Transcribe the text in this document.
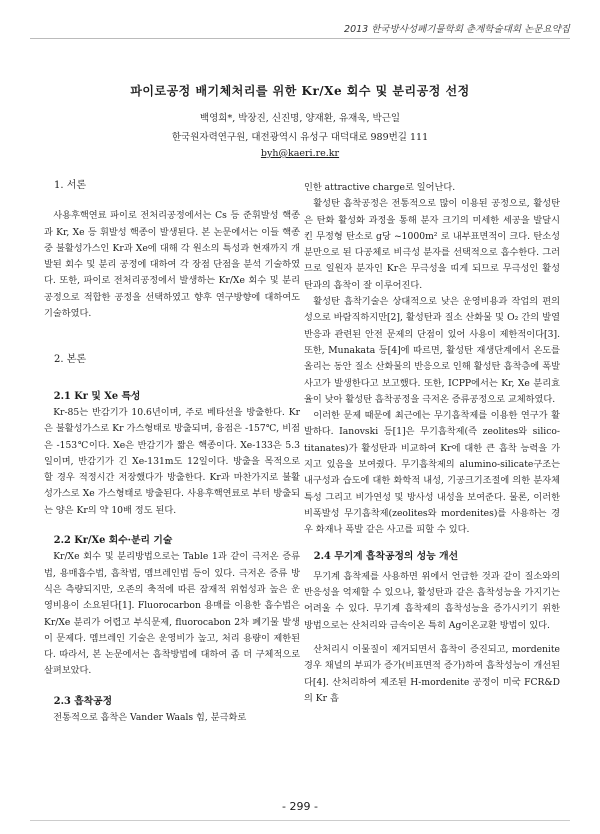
2013 한국방사성폐기물학회 춘계학술대회 논문요약집
파이로공정 배기체처리를 위한 Kr/Xe 회수 및 분리공정 선정
백영희*, 박장진, 신진명, 양재환, 유재욱, 박근일
한국원자력연구원, 대전광역시 유성구 대덕대로 989번길 111
byh@kaeri.re.kr

1. 서론

사용후핵연료 파이로 전처리공정에서는 Cs 등 준휘발성 핵종과 Kr, Xe 등 휘발성 핵종이 발생된다. 본 논문에서는 이들 핵종 중 불활성가스인 Kr과 Xe에 대해 각 원소의 특성과 현재까지 개발된 회수 및 분리 공정에 대하여 각 장점 단점을 분석 기술하였다. 또한, 파이로 전처리공정에서 발생하는 Kr/Xe 회수 및 분리 공정으로 적합한 공정을 선택하였고 향후 연구방향에 대하여도 기술하였다.

2. 본론

2.1 Kr 및 Xe 특성

Kr-85는 반감기가 10.6년이며, 주로 베타선을 방출한다. Kr은 불활성가스로 Kr 가스형태로 방출되며, 융점은 -157℃, 비점은 -153℃이다. Xe은 반감기가 짧은 핵종이다. Xe-133은 5.3일이며, 반감기가 긴 Xe-131m도 12일이다. 방출을 목적으로 할 경우 적정시간 저장했다가 방출한다. Kr과 마찬가지로 불활성가스로 Xe 가스형태로 방출된다. 사용후핵연료로 부터 방출되는 양은 Kr의 약 10배 정도 된다.

2.2 Kr/Xe 회수·분리 기술

Kr/Xe 회수 및 분리방법으로는 Table 1과 같이 극저온 증류법, 용매흡수법, 흡착법, 멤브레인법 등이 있다. 극저온 증류 방식은 측량되지만, 오존의 축적에 따른 잠재적 위험성과 높은 운영비용이 소요된다[1]. Fluorocarbon 용매를 이용한 흡수법은 Kr/Xe 분리가 어렵고 부식문제, fluorocabon 2차 폐기물 발생이 문제다. 멤브레인 기술은 운영비가 높고, 처리 용량이 제한된다. 따라서, 본 논문에서는 흡착방법에 대하여 좀 더 구체적으로 살펴보았다.

2.3 흡착공정

전통적으로 흡착은 Vander Waals 힘, 분극화로

인한 attractive charge로 일어난다.

활성탄 흡착공정은 전통적으로 많이 이용된 공정으로, 활성탄은 탄화 활성화 과정을 통해 분자 크기의 미세한 세공을 발달시킨 무정형 탄소로 g당 ~1000m² 로 내부표면적이 크다. 탄소성분만으로 된 다공체로 비극성 분자를 선택적으로 흡수한다. 그러므로 일원자 분자인 Kr은 무극성을 띠게 되므로 무극성인 활성탄과의 흡착이 잘 이루어진다.

활성탄 흡착기술은 상대적으로 낮은 운영비용과 작업의 편의성으로 바람직하지만[2], 활성탄과 질소 산화물 및 O₂ 간의 발열 반응과 관련된 안전 문제의 단점이 있어 사용이 제한적이다[3]. 또한, Munakata 등[4]에 따르면, 활성탄 재생단계에서 온도를 올리는 동안 질소 산화물의 반응으로 인해 활성탄 흡착층에 폭발 사고가 발생한다고 보고했다. 또한, ICPP에서는 Kr, Xe 분리효율이 낮아 활성탄 흡착공정을 극저온 증류공정으로 교체하였다.

이러한 문제 때문에 최근에는 무기흡착제를 이용한 연구가 활발하다. Ianovski 등[1]은 무기흡착제(즉 zeolites와 silico-titanates)가 활성탄과 비교하여 Kr에 대한 큰 흡착 능력을 가지고 있음을 보여줬다. 무기흡착제의 alumino-silicate구조는 내구성과 습도에 대한 화학적 내성, 기공크기조절에 의한 분자체 특성 그리고 비가연성 및 방사성 내성을 보여준다. 물론, 이러한 비폭발성 무기흡착제(zeolites와 mordenites)를 사용하는 경우 화재나 폭발 같은 사고를 피할 수 있다.

2.4 무기계 흡착공정의 성능 개선

무기계 흡착제를 사용하면 위에서 언급한 것과 같이 질소와의 반응성을 억제할 수 있으나, 활성탄과 같은 흡착성능을 가지기는 어려울 수 있다. 무기계 흡착제의 흡착성능을 증가시키기 위한 방법으로는 산처리와 금속이온 특히 Ag이온교환 방법이 있다.

산처리시 이물질이 제거되면서 흡착이 증진되고, mordenite 경우 채널의 부피가 증가(비표면적 증가)하여 흡착성능이 개선된다[4]. 산처리하여 제조된 H-mordenite 공정이 미국 FCR&D의 Kr 흡

- 299 -
